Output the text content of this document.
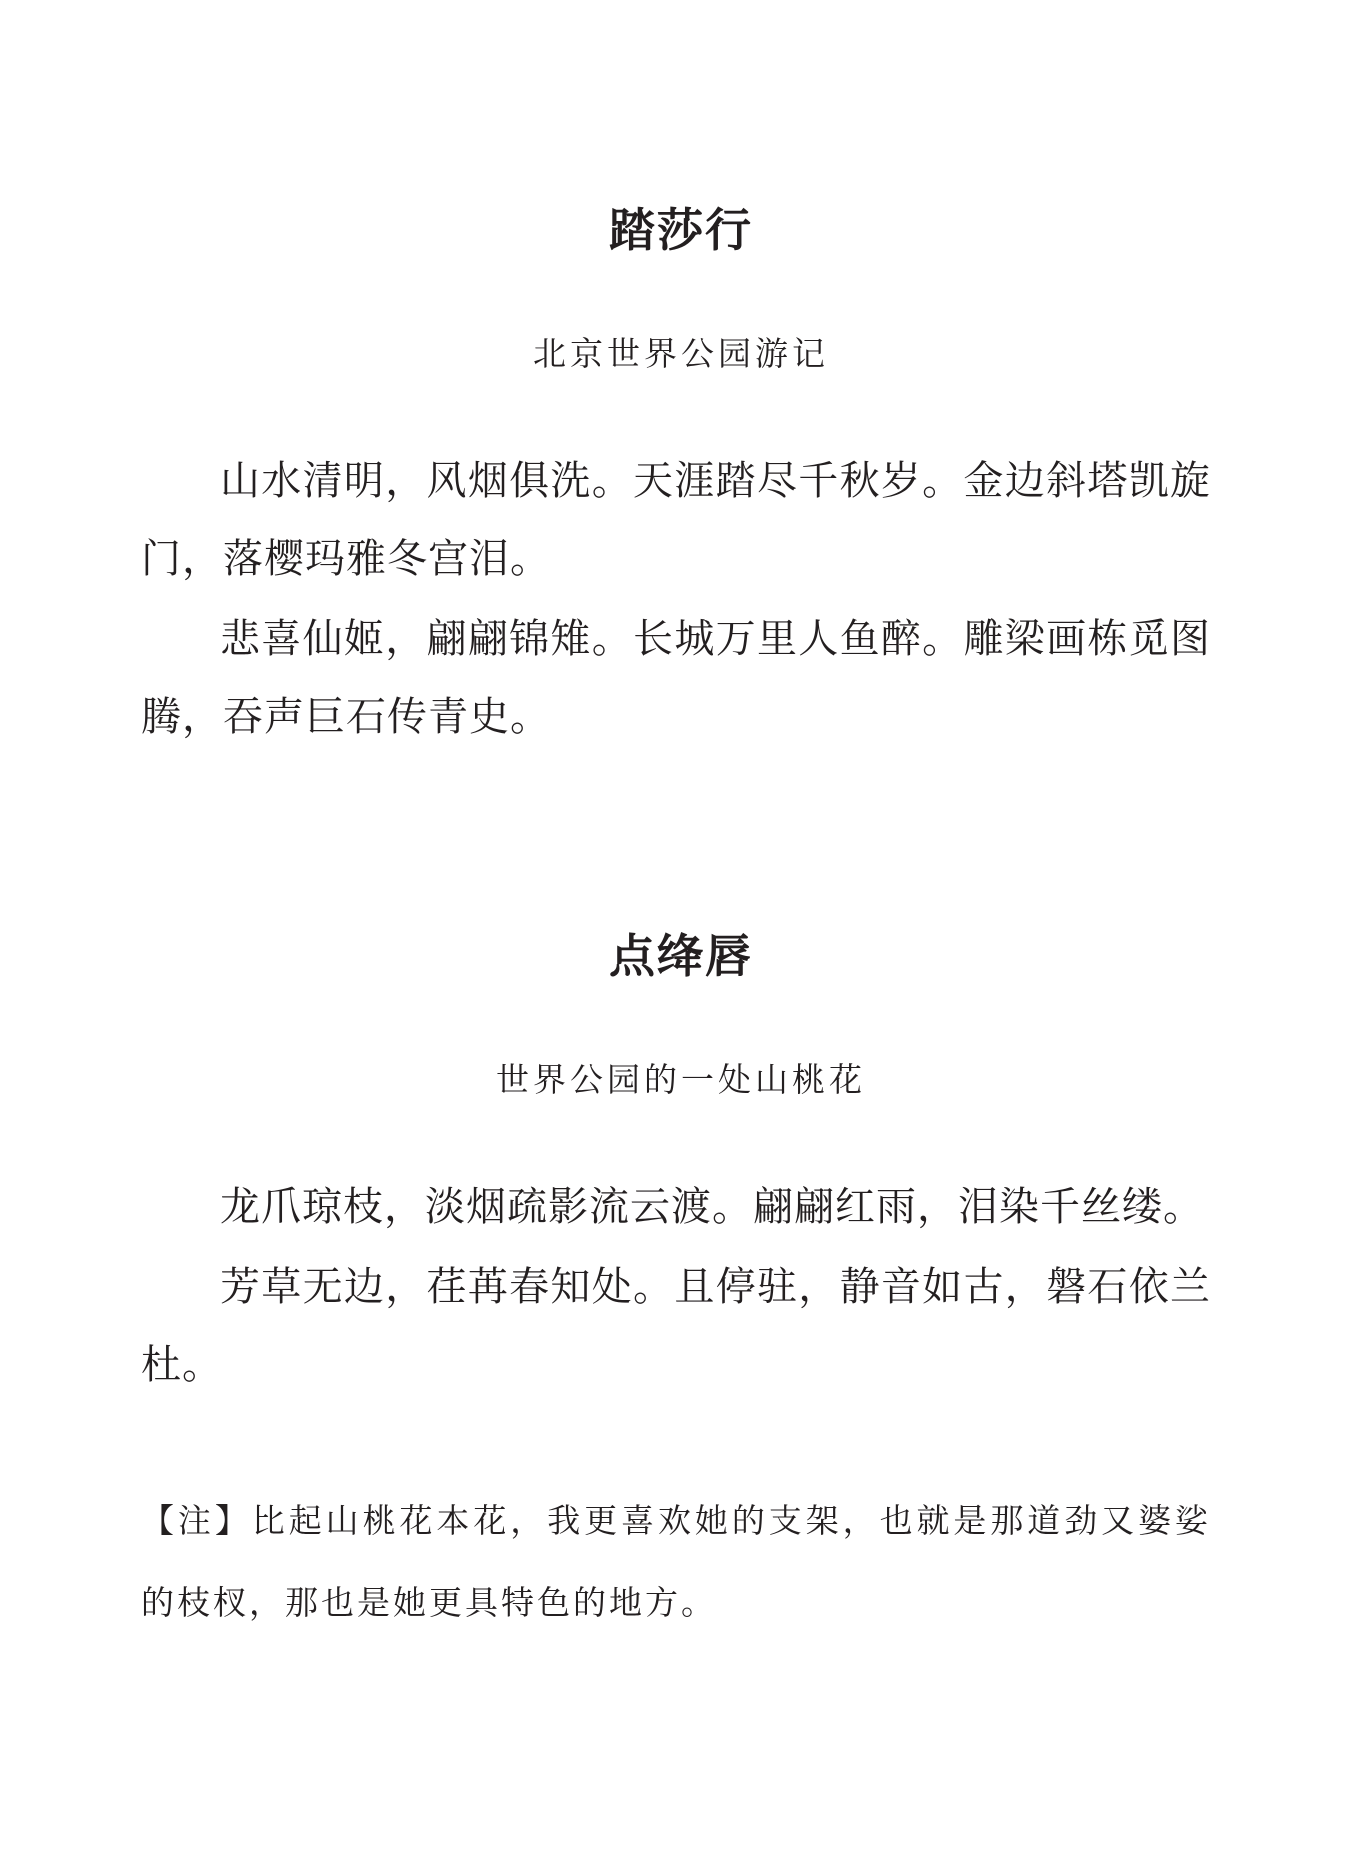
踏莎行
北京世界公园游记

山水清明，风烟俱洗。天涯踏尽千秋岁。金边斜塔凯旋门，落樱玛雅冬宫泪。

悲喜仙姬，翩翩锦雉。长城万里人鱼醉。雕梁画栋觅图腾，吞声巨石传青史。

点绛唇
世界公园的一处山桃花

龙爪琼枝，淡烟疏影流云渡。翩翩红雨，泪染千丝缕。

芳草无边，荏苒春知处。且停驻，静音如古，磐石依兰杜。

【注】比起山桃花本花，我更喜欢她的支架，也就是那道劲又婆娑的枝杈，那也是她更具特色的地方。
